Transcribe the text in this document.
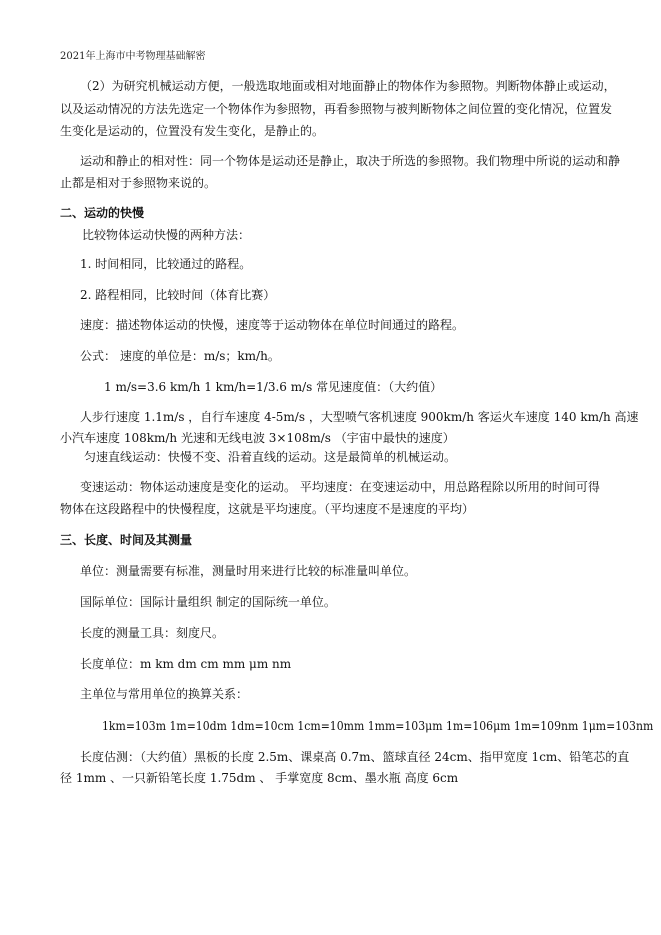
2021年上海市中考物理基础解密
（2）为研究机械运动方便，一般选取地面或相对地面静止的物体作为参照物。判断物体静止或运动，
以及运动情况的方法先选定一个物体作为参照物，再看参照物与被判断物体之间位置的变化情况，位置发
生变化是运动的，位置没有发生变化，是静止的。
运动和静止的相对性：同一个物体是运动还是静止，取决于所选的参照物。我们物理中所说的运动和静
止都是相对于参照物来说的。
二、运动的快慢
比较物体运动快慢的两种方法：
1. 时间相同，比较通过的路程。
2. 路程相同，比较时间（体育比赛）
速度：描述物体运动的快慢，速度等于运动物体在单位时间通过的路程。
公式： 速度的单位是：m/s；km/h。
1 m/s=3.6 km/h 1 km/h=1/3.6 m/s 常见速度值：（大约值）
人步行速度 1.1m/s ，自行车速度 4-5m/s ，大型喷气客机速度 900km/h 客运火车速度 140 km/h 高速
小汽车速度 108km/h 光速和无线电波 3×108m/s （宇宙中最快的速度）
匀速直线运动：快慢不变、沿着直线的运动。这是最简单的机械运动。
变速运动：物体运动速度是变化的运动。 平均速度：在变速运动中，用总路程除以所用的时间可得
物体在这段路程中的快慢程度，这就是平均速度。（平均速度不是速度的平均）
三、长度、时间及其测量
单位：测量需要有标准，测量时用来进行比较的标准量叫单位。
国际单位：国际计量组织 制定的国际统一单位。
长度的测量工具：刻度尺。
长度单位：m km dm cm mm μm nm
主单位与常用单位的换算关系：
1km=103m 1m=10dm 1dm=10cm 1cm=10mm 1mm=103μm 1m=106μm 1m=109nm 1μm=103nm
长度估测：（大约值）黑板的长度 2.5m、课桌高 0.7m、篮球直径 24cm、指甲宽度 1cm、铅笔芯的直
径 1mm 、一只新铅笔长度 1.75dm 、 手掌宽度 8cm、墨水瓶 高度 6cm
